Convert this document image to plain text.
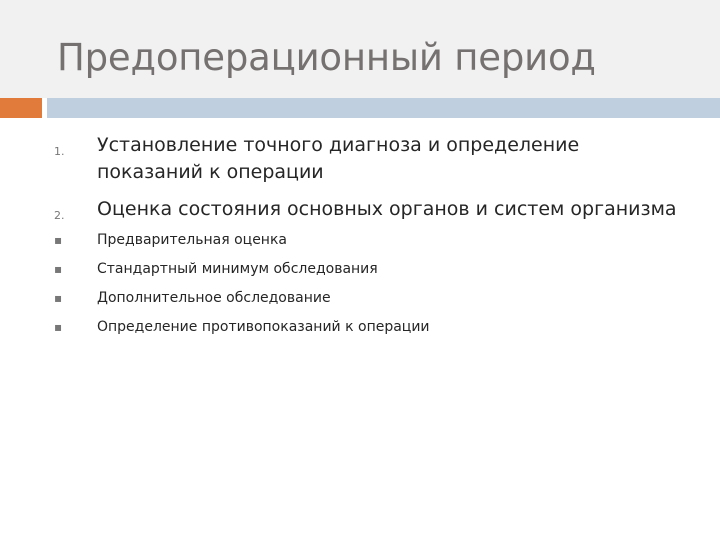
Предоперационный период
1. Установление точного диагноза и определение
показаний к операции
2. Оценка состояния основных органов и систем организма
▪ Предварительная оценка
▪ Стандартный минимум обследования
▪ Дополнительное обследование
▪ Определение противопоказаний к операции
